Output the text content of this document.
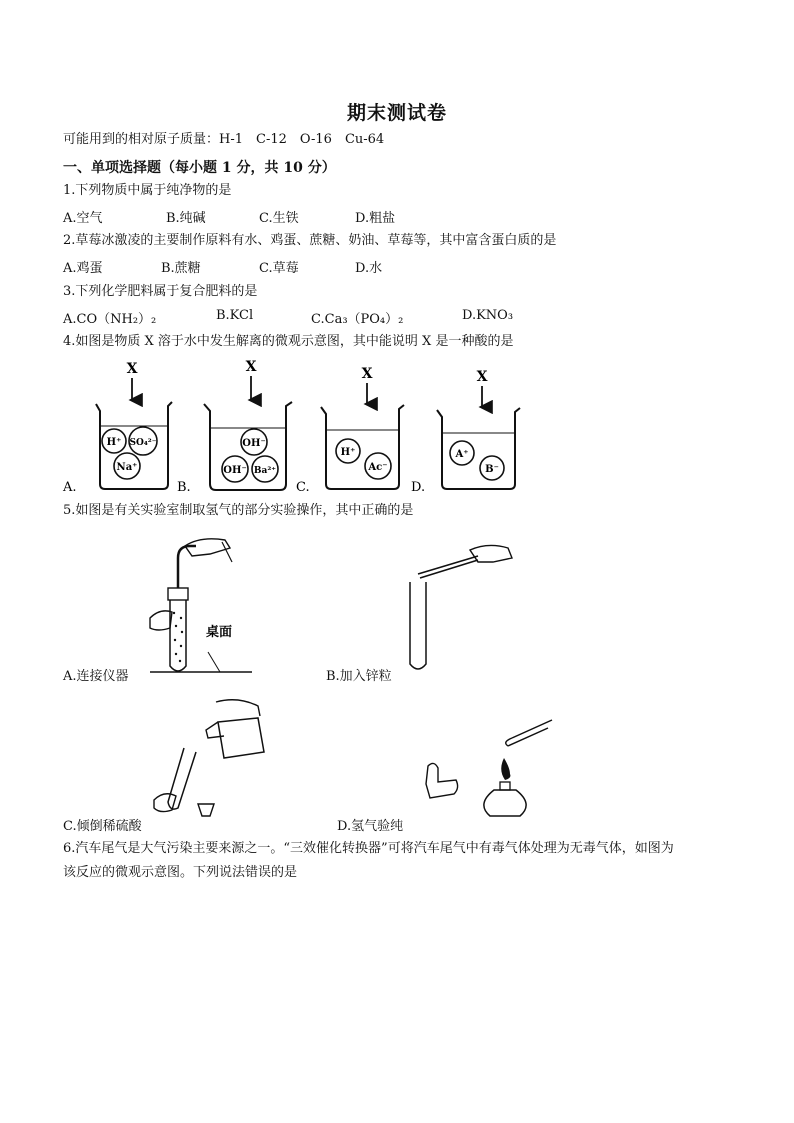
期末测试卷
可能用到的相对原子质量：H-1　C-12　O-16　Cu-64
一、单项选择题（每小题 1 分，共 10 分）
1.下列物质中属于纯净物的是
A.空气	B.纯碱	C.生铁	D.粗盐
2.草莓冰激凌的主要制作原料有水、鸡蛋、蔗糖、奶油、草莓等，其中富含蛋白质的是
A.鸡蛋	B.蔗糖	C.草莓	D.水
3.下列化学肥料属于复合肥料的是
A.CO（NH₂）₂	B.KCl	C.Ca₃（PO₄）₂	D.KNO₃
4.如图是物质 X 溶于水中发生解离的微观示意图，其中能说明 X 是一种酸的是
X
H⁺ SO₄²⁻
Na⁺
A.
X
OH⁻
OH⁻ Ba²⁺
B.
X
H⁺
Ac⁻
C.
X
A⁺
B⁻
D.
5.如图是有关实验室制取氢气的部分实验操作，其中正确的是
桌面
A.连接仪器	B.加入锌粒
C.倾倒稀硫酸	D.氢气验纯
6.汽车尾气是大气污染主要来源之一。“三效催化转换器”可将汽车尾气中有毒气体处理为无毒气体，如图为
该反应的微观示意图。下列说法错误的是
